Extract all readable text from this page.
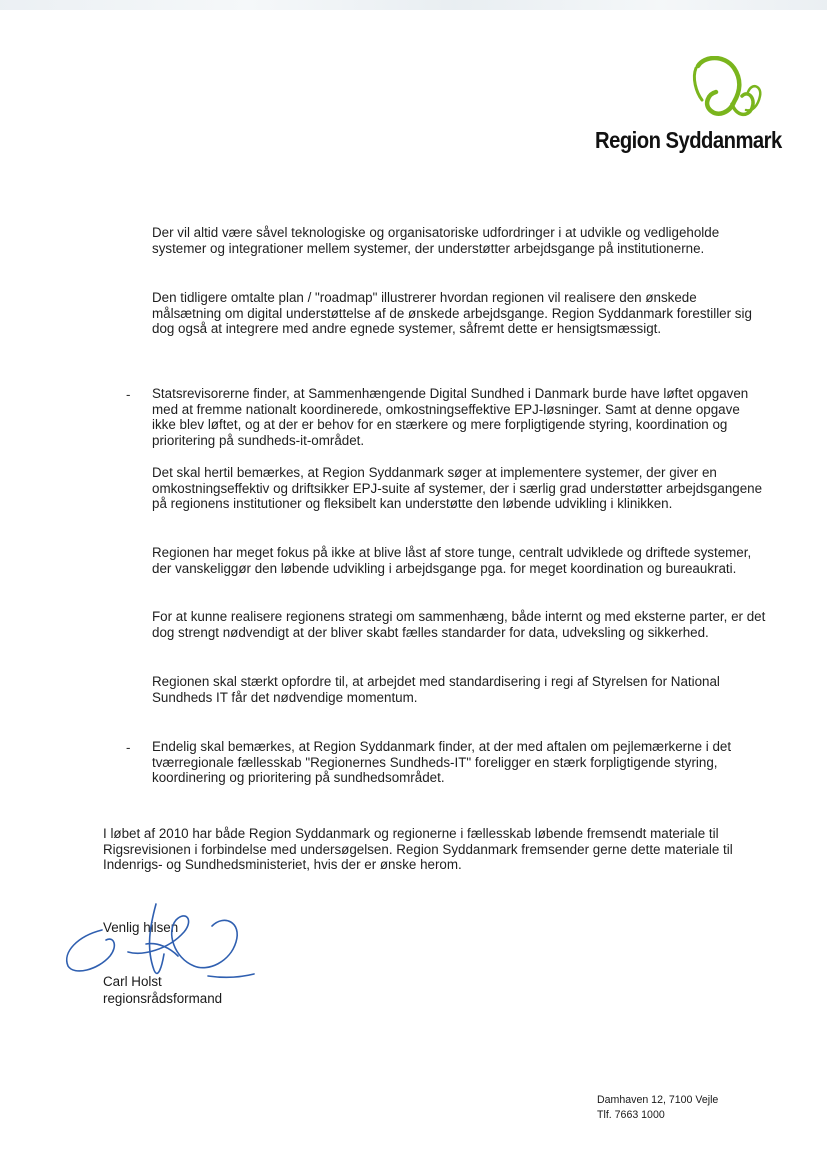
Region Syddanmark

Der vil altid være såvel teknologiske og organisatoriske udfordringer i at udvikle og vedligeholde systemer og integrationer mellem systemer, der understøtter arbejdsgange på institutionerne.

Den tidligere omtalte plan / "roadmap" illustrerer hvordan regionen vil realisere den ønskede målsætning om digital understøttelse af de ønskede arbejdsgange. Region Syddanmark forestiller sig dog også at integrere med andre egnede systemer, såfremt dette er hensigtsmæssigt.

- Statsrevisorerne finder, at Sammenhængende Digital Sundhed i Danmark burde have løftet opgaven med at fremme nationalt koordinerede, omkostningseffektive EPJ-løsninger. Samt at denne opgave ikke blev løftet, og at der er behov for en stærkere og mere forpligtigende styring, koordination og prioritering på sundheds-it-området.

Det skal hertil bemærkes, at Region Syddanmark søger at implementere systemer, der giver en omkostningseffektiv og driftsikker EPJ-suite af systemer, der i særlig grad understøtter arbejdsgangene på regionens institutioner og fleksibelt kan understøtte den løbende udvikling i klinikken.

Regionen har meget fokus på ikke at blive låst af store tunge, centralt udviklede og driftede systemer, der vanskeliggør den løbende udvikling i arbejdsgange pga. for meget koordination og bureaukrati.

For at kunne realisere regionens strategi om sammenhæng, både internt og med eksterne parter, er det dog strengt nødvendigt at der bliver skabt fælles standarder for data, udveksling og sikkerhed.

Regionen skal stærkt opfordre til, at arbejdet med standardisering i regi af Styrelsen for National Sundheds IT får det nødvendige momentum.

- Endelig skal bemærkes, at Region Syddanmark finder, at der med aftalen om pejlemærkerne i det tværregionale fællesskab "Regionernes Sundheds-IT" foreligger en stærk forpligtigende styring, koordinering og prioritering på sundhedsområdet.

I løbet af 2010 har både Region Syddanmark og regionerne i fællesskab løbende fremsendt materiale til Rigsrevisionen i forbindelse med undersøgelsen. Region Syddanmark fremsender gerne dette materiale til Indenrigs- og Sundhedsministeriet, hvis der er ønske herom.

Venlig hilsen

Carl Holst

regionsrådsformand

Damhaven 12, 7100 Vejle
Tlf. 7663 1000
